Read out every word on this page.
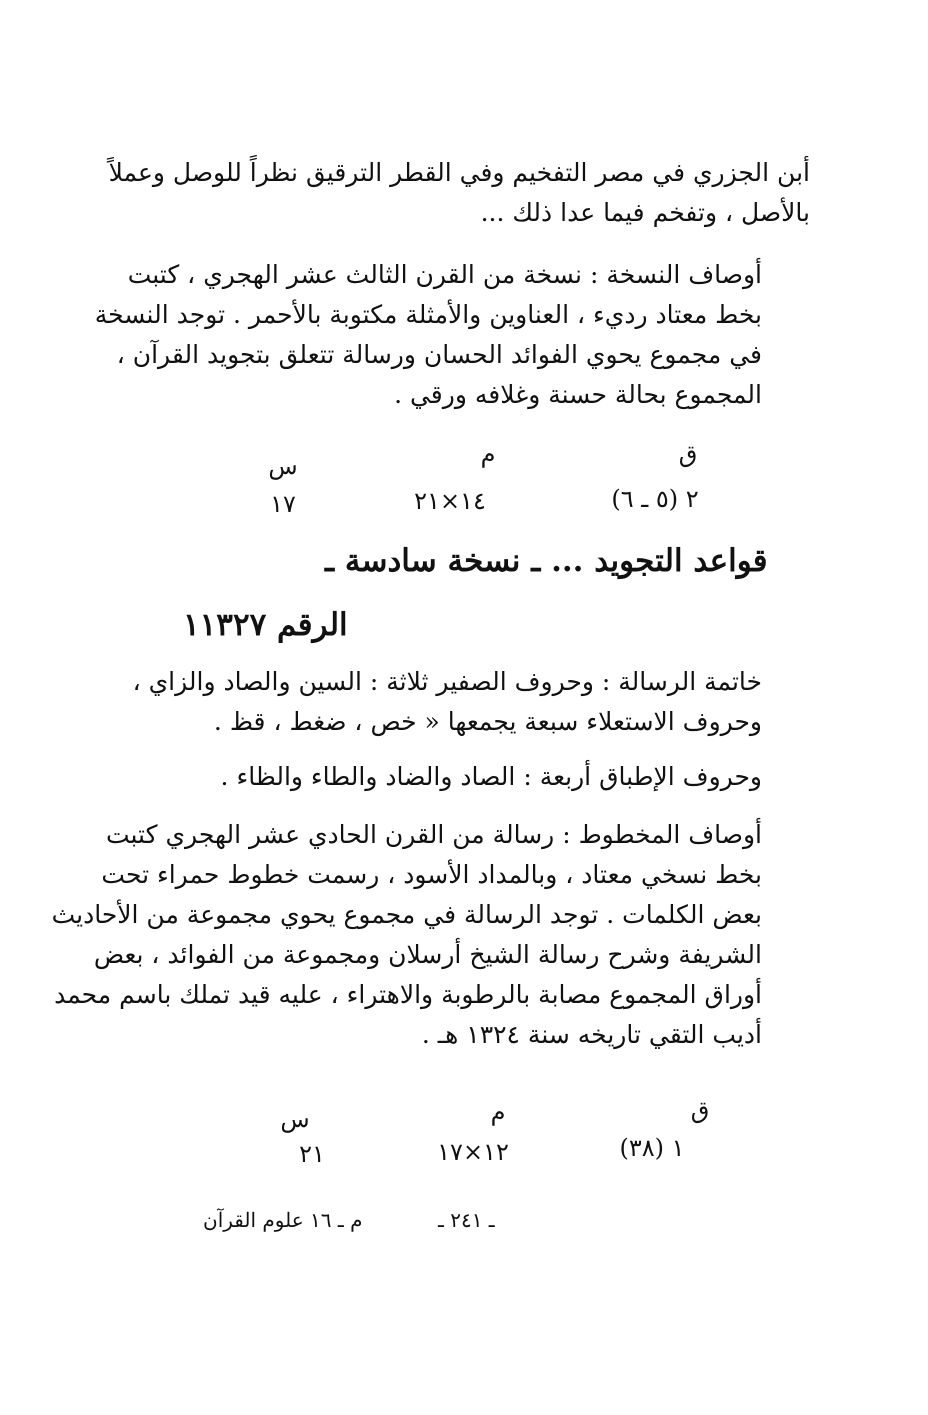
أبن الجزري في مصر التفخيم وفي القطر الترقيق نظراً للوصل وعملاً
بالأصل ، وتفخم فيما عدا ذلك ...
أوصاف النسخة : نسخة من القرن الثالث عشر الهجري ، كتبت
بخط معتاد رديء ، العناوين والأمثلة مكتوبة بالأحمر . توجد النسخة
في مجموع يحوي الفوائد الحسان ورسالة تتعلق بتجويد القرآن ،
المجموع بحالة حسنة وغلافه ورقي .
ق
م
س
٢ (٥ ـ ٦)
١٤×٢١
١٧
قواعد التجويد ... ـ نسخة سادسة ـ
الرقم ١١٣٢٧
خاتمة الرسالة : وحروف الصفير ثلاثة : السين والصاد والزاي ،
وحروف الاستعلاء سبعة يجمعها « خص ، ضغط ، قظ .
وحروف الإطباق أربعة : الصاد والضاد والطاء والظاء .
أوصاف المخطوط : رسالة من القرن الحادي عشر الهجري كتبت
بخط نسخي معتاد ، وبالمداد الأسود ، رسمت خطوط حمراء تحت
بعض الكلمات . توجد الرسالة في مجموع يحوي مجموعة من الأحاديث
الشريفة وشرح رسالة الشيخ أرسلان ومجموعة من الفوائد ، بعض
أوراق المجموع مصابة بالرطوبة والاهتراء ، عليه قيد تملك باسم محمد
أديب التقي تاريخه سنة ١٣٢٤ هـ .
ق
م
س
١ (٣٨)
١٢×١٧
٢١
ـ ٢٤١ ـ
م ـ ١٦ علوم القرآن
